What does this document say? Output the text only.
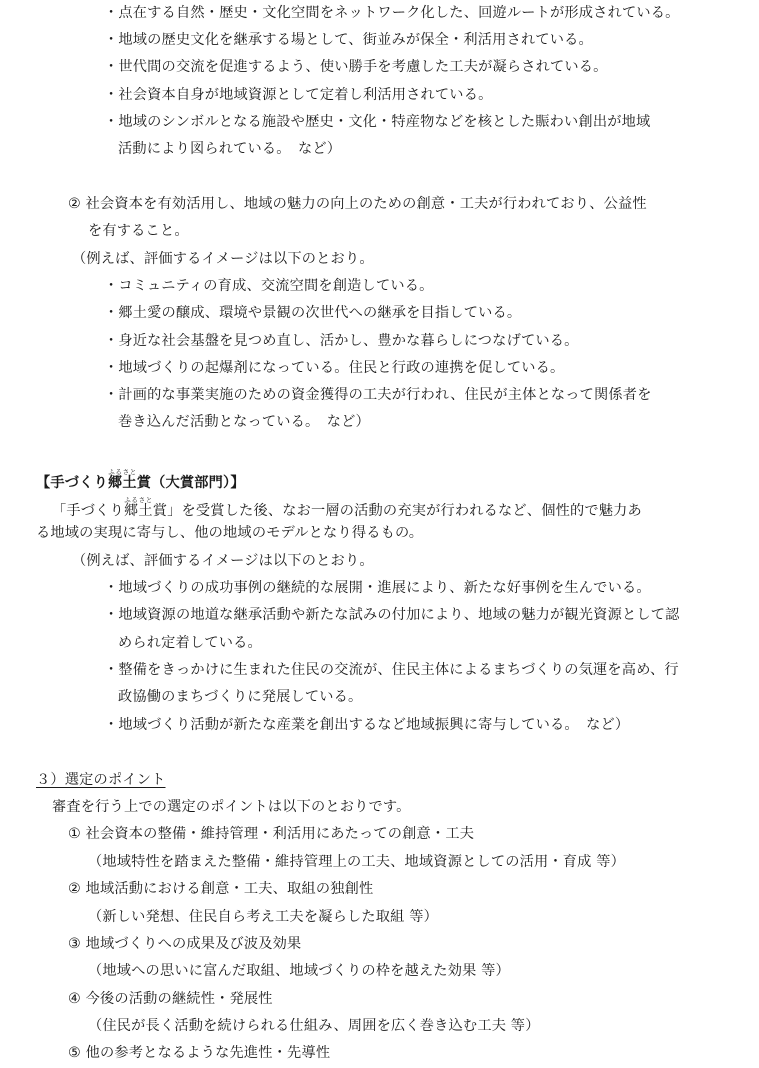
・点在する自然・歴史・文化空間をネットワーク化した、回遊ルートが形成されている。
・地域の歴史文化を継承する場として、街並みが保全・利活用されている。
・世代間の交流を促進するよう、使い勝手を考慮した工夫が凝らされている。
・社会資本自身が地域資源として定着し利活用されている。
・地域のシンボルとなる施設や歴史・文化・特産物などを核とした賑わい創出が地域
活動により図られている。　など）
② 社会資本を有効活用し、地域の魅力の向上のための創意・工夫が行われており、公益性
を有すること。
（例えば、評価するイメージは以下のとおり。
・コミュニティの育成、交流空間を創造している。
・郷土愛の醸成、環境や景観の次世代への継承を目指している。
・身近な社会基盤を見つめ直し、活かし、豊かな暮らしにつなげている。
・地域づくりの起爆剤になっている。住民と行政の連携を促している。
・計画的な事業実施のための資金獲得の工夫が行われ、住民が主体となって関係者を
巻き込んだ活動となっている。　など）
【手づくり郷土ふるさと賞（大賞部門）】
「手づくり郷土ふるさと賞」を受賞した後、なお一層の活動の充実が行われるなど、個性的で魅力あ
る地域の実現に寄与し、他の地域のモデルとなり得るもの。
（例えば、評価するイメージは以下のとおり。
・地域づくりの成功事例の継続的な展開・進展により、新たな好事例を生んでいる。
・地域資源の地道な継承活動や新たな試みの付加により、地域の魅力が観光資源として認
められ定着している。
・整備をきっかけに生まれた住民の交流が、住民主体によるまちづくりの気運を高め、行
政協働のまちづくりに発展している。
・地域づくり活動が新たな産業を創出するなど地域振興に寄与している。　など）
３）選定のポイント
審査を行う上での選定のポイントは以下のとおりです。
① 社会資本の整備・維持管理・利活用にあたっての創意・工夫
（地域特性を踏まえた整備・維持管理上の工夫、地域資源としての活用・育成 等）
② 地域活動における創意・工夫、取組の独創性
（新しい発想、住民自ら考え工夫を凝らした取組 等）
③ 地域づくりへの成果及び波及効果
（地域への思いに富んだ取組、地域づくりの枠を越えた効果 等）
④ 今後の活動の継続性・発展性
（住民が長く活動を続けられる仕組み、周囲を広く巻き込む工夫 等）
⑤ 他の参考となるような先進性・先導性
